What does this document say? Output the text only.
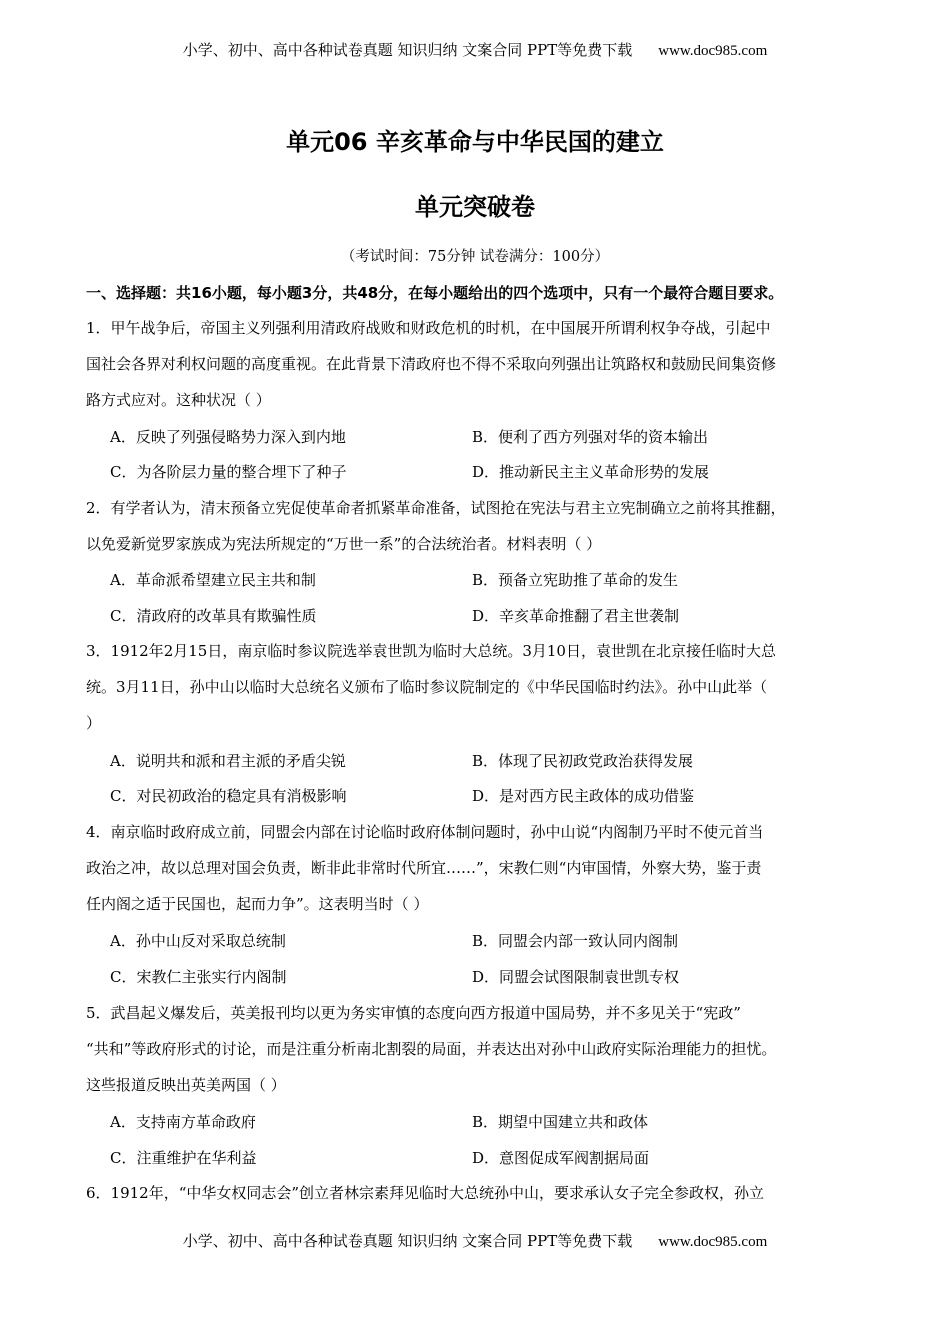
小学、初中、高中各种试卷真题 知识归纳 文案合同 PPT等免费下载 www.doc985.com
单元06 辛亥革命与中华民国的建立
单元突破卷
（考试时间：75分钟 试卷满分：100分）
一、选择题：共16小题，每小题3分，共48分，在每小题给出的四个选项中，只有一个最符合题目要求。
1．甲午战争后，帝国主义列强利用清政府战败和财政危机的时机，在中国展开所谓利权争夺战，引起中
国社会各界对利权问题的高度重视。在此背景下清政府也不得不采取向列强出让筑路权和鼓励民间集资修
路方式应对。这种状况（ ）
A．反映了列强侵略势力深入到内地	B．便利了西方列强对华的资本输出
C．为各阶层力量的整合埋下了种子	D．推动新民主主义革命形势的发展
2．有学者认为，清末预备立宪促使革命者抓紧革命准备，试图抢在宪法与君主立宪制确立之前将其推翻，
以免爱新觉罗家族成为宪法所规定的“万世一系”的合法统治者。材料表明（ ）
A．革命派希望建立民主共和制	B．预备立宪助推了革命的发生
C．清政府的改革具有欺骗性质	D．辛亥革命推翻了君主世袭制
3．1912年2月15日，南京临时参议院选举袁世凯为临时大总统。3月10日，袁世凯在北京接任临时大总
统。3月11日，孙中山以临时大总统名义颁布了临时参议院制定的《中华民国临时约法》。孙中山此举（
）
A．说明共和派和君主派的矛盾尖锐	B．体现了民初政党政治获得发展
C．对民初政治的稳定具有消极影响	D．是对西方民主政体的成功借鉴
4．南京临时政府成立前，同盟会内部在讨论临时政府体制问题时，孙中山说“内阁制乃平时不使元首当
政治之冲，故以总理对国会负责，断非此非常时代所宜……”，宋教仁则“内审国情，外察大势，鉴于责
任内阁之适于民国也，起而力争”。这表明当时（ ）
A．孙中山反对采取总统制	B．同盟会内部一致认同内阁制
C．宋教仁主张实行内阁制	D．同盟会试图限制袁世凯专权
5．武昌起义爆发后，英美报刊均以更为务实审慎的态度向西方报道中国局势，并不多见关于“宪政”
“共和”等政府形式的讨论，而是注重分析南北割裂的局面，并表达出对孙中山政府实际治理能力的担忧。
这些报道反映出英美两国（ ）
A．支持南方革命政府	B．期望中国建立共和政体
C．注重维护在华利益	D．意图促成军阀割据局面
6．1912年，“中华女权同志会”创立者林宗素拜见临时大总统孙中山，要求承认女子完全参政权，孙立
小学、初中、高中各种试卷真题 知识归纳 文案合同 PPT等免费下载 www.doc985.com
